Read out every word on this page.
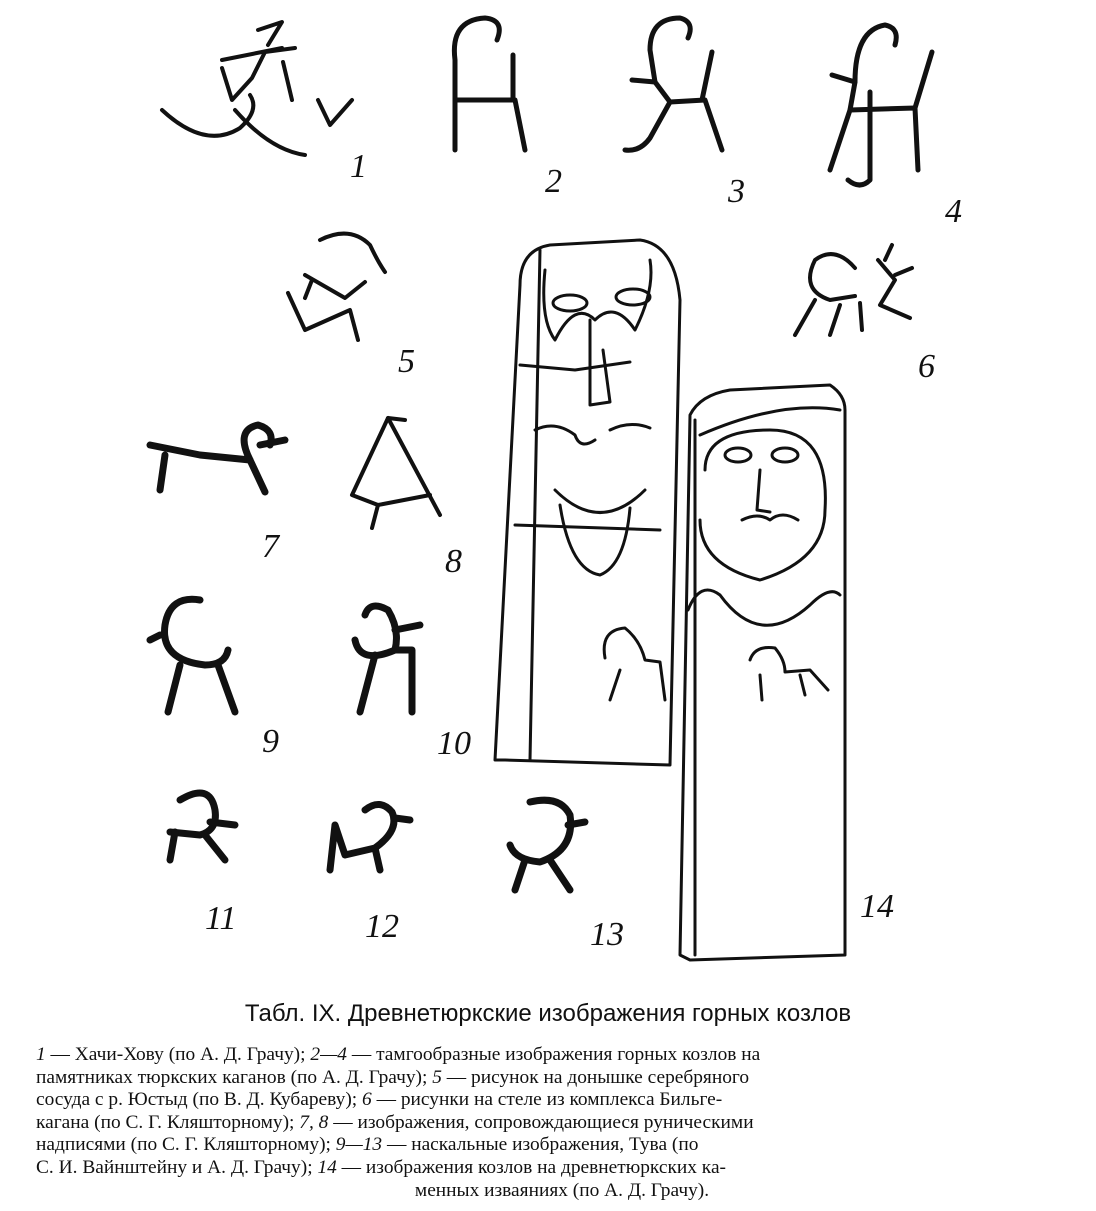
1	2	3
4
5	6
7	8
9	10
11	12	13
14
Табл. IX. Древнетюркские изображения горных козлов
1 — Хачи-Хову (по А. Д. Грачу); 2—4 — тамгообразные изображения горных козлов на
памятниках тюркских каганов (по А. Д. Грачу); 5 — рисунок на донышке серебряного
сосуда с р. Юстыд (по В. Д. Кубареву); 6 — рисунки на стеле из комплекса Бильге-
кагана (по С. Г. Кляшторному); 7, 8 — изображения, сопровождающиеся руническими
надписями (по С. Г. Кляшторному); 9—13 — наскальные изображения, Тува (по
С. И. Вайнштейну и А. Д. Грачу); 14 — изображения козлов на древнетюркских ка-
менных изваяниях (по А. Д. Грачу).
